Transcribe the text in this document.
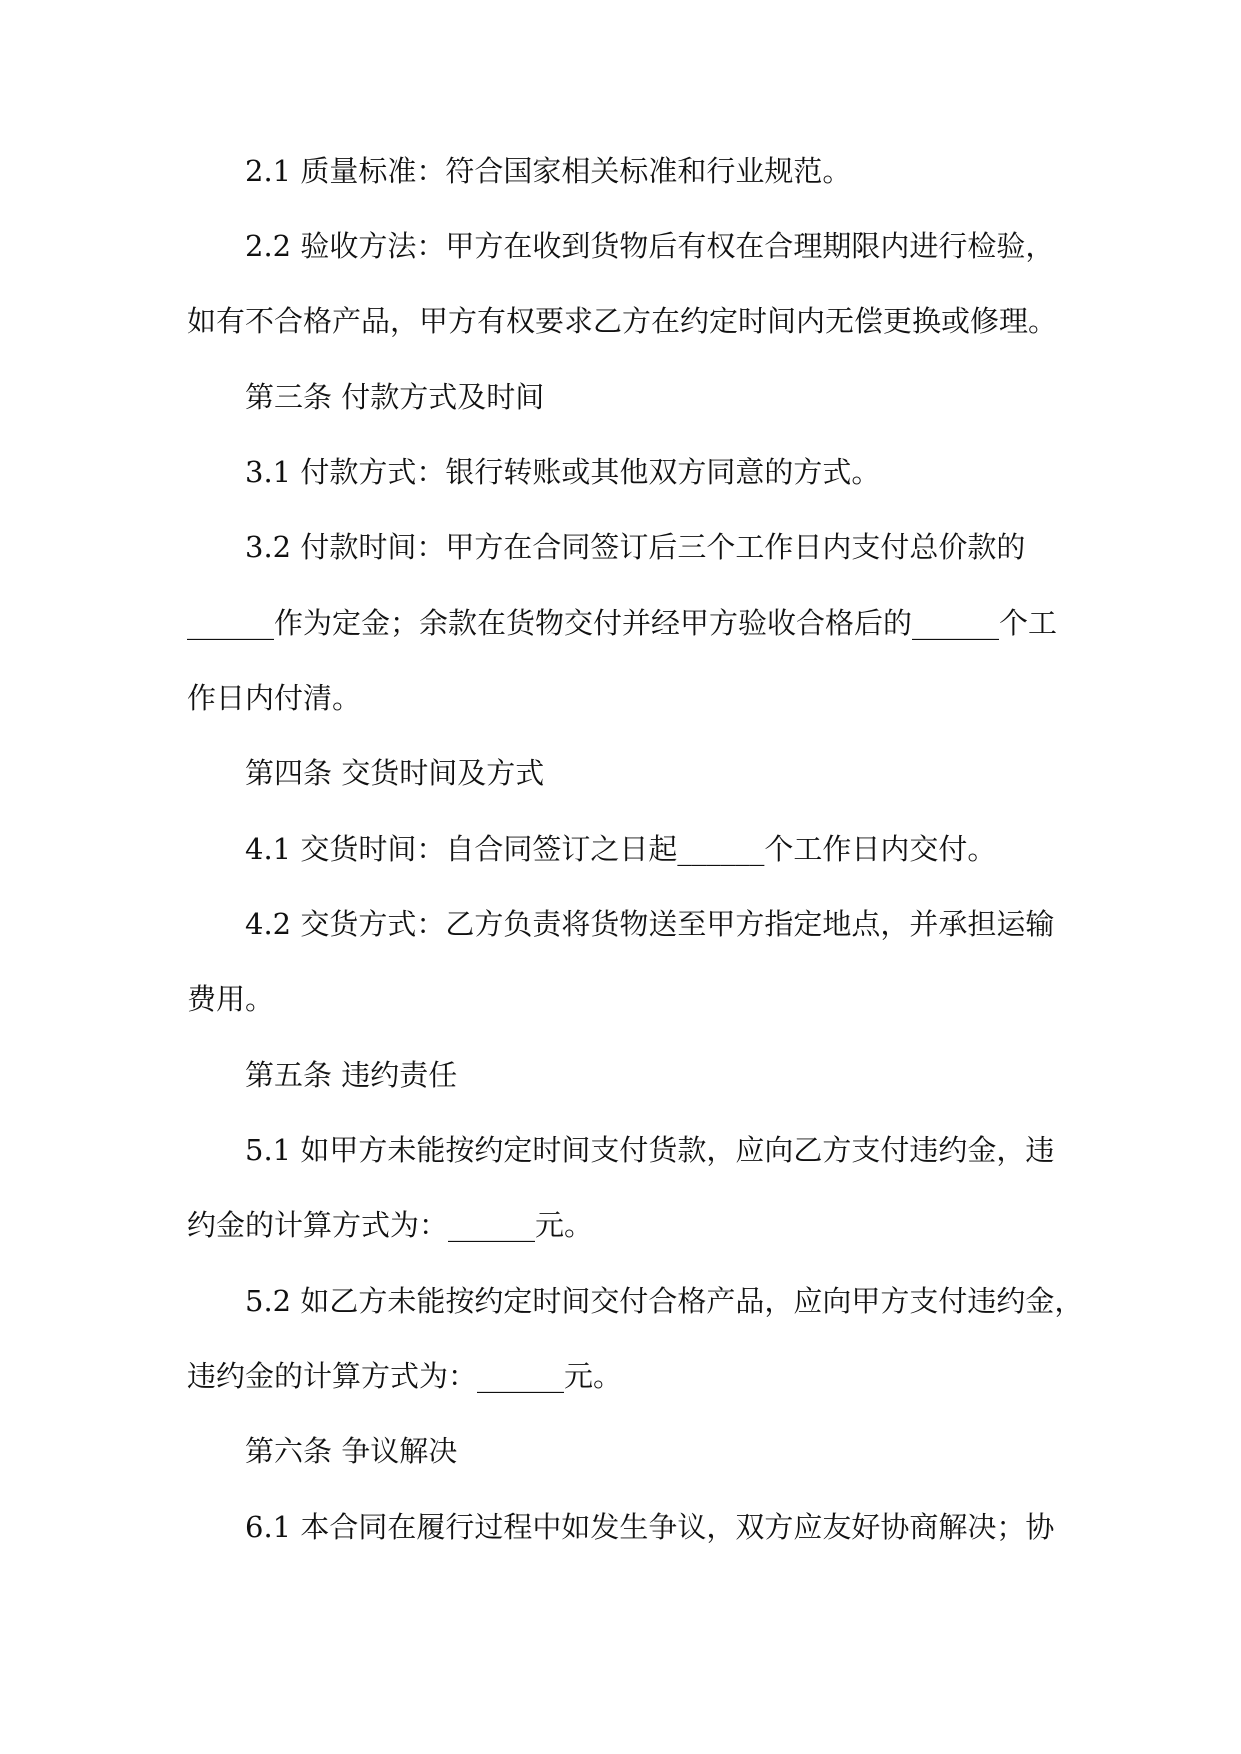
2.1 质量标准：符合国家相关标准和行业规范。
2.2 验收方法：甲方在收到货物后有权在合理期限内进行检验，
如有不合格产品，甲方有权要求乙方在约定时间内无偿更换或修理。
第三条 付款方式及时间
3.1 付款方式：银行转账或其他双方同意的方式。
3.2 付款时间：甲方在合同签订后三个工作日内支付总价款的
______作为定金；余款在货物交付并经甲方验收合格后的______个工
作日内付清。
第四条 交货时间及方式
4.1 交货时间：自合同签订之日起______个工作日内交付。
4.2 交货方式：乙方负责将货物送至甲方指定地点，并承担运输
费用。
第五条 违约责任
5.1 如甲方未能按约定时间支付货款，应向乙方支付违约金，违
约金的计算方式为：______元。
5.2 如乙方未能按约定时间交付合格产品，应向甲方支付违约金，
违约金的计算方式为：______元。
第六条 争议解决
6.1 本合同在履行过程中如发生争议，双方应友好协商解决；协
